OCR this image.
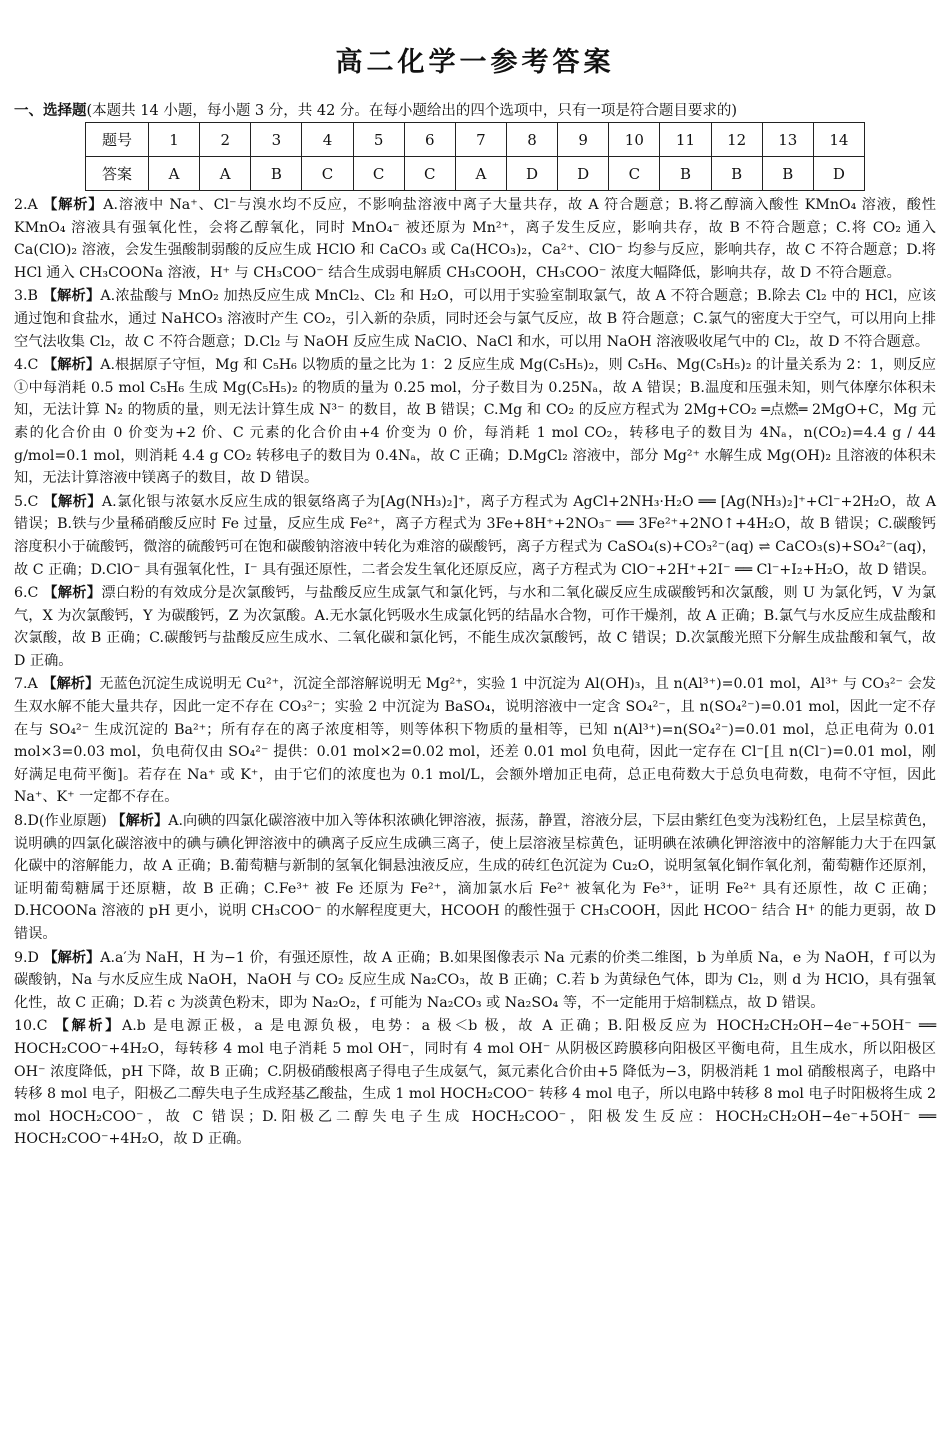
高二化学一参考答案
一、选择题(本题共 14 小题，每小题 3 分，共 42 分。在每小题给出的四个选项中，只有一项是符合题目要求的)
题号	1	2	3	4	5	6	7	8	9	10	11	12	13	14
答案	A	A	B	C	C	C	A	D	D	C	B	B	B	D

2.A 【解析】A.溶液中 Na⁺、Cl⁻与溴水均不反应，不影响盐溶液中离子大量共存，故 A 符合题意；B.将乙醇滴入酸性 KMnO₄ 溶液，酸性 KMnO₄ 溶液具有强氧化性，会将乙醇氧化，同时 MnO₄⁻ 被还原为 Mn²⁺，离子发生反应，影响共存，故 B 不符合题意；C.将 CO₂ 通入 Ca(ClO)₂ 溶液，会发生强酸制弱酸的反应生成 HClO 和 CaCO₃ 或 Ca(HCO₃)₂，Ca²⁺、ClO⁻ 均参与反应，影响共存，故 C 不符合题意；D.将 HCl 通入 CH₃COONa 溶液，H⁺ 与 CH₃COO⁻ 结合生成弱电解质 CH₃COOH，CH₃COO⁻ 浓度大幅降低，影响共存，故 D 不符合题意。

3.B 【解析】A.浓盐酸与 MnO₂ 加热反应生成 MnCl₂、Cl₂ 和 H₂O，可以用于实验室制取氯气，故 A 不符合题意；B.除去 Cl₂ 中的 HCl，应该通过饱和食盐水，通过 NaHCO₃ 溶液时产生 CO₂，引入新的杂质，同时还会与氯气反应，故 B 符合题意；C.氯气的密度大于空气，可以用向上排空气法收集 Cl₂，故 C 不符合题意；D.Cl₂ 与 NaOH 反应生成 NaClO、NaCl 和水，可以用 NaOH 溶液吸收尾气中的 Cl₂，故 D 不符合题意。

4.C 【解析】A.根据原子守恒，Mg 和 C₅H₆ 以物质的量之比为 1：2 反应生成 Mg(C₅H₅)₂，则 C₅H₆、Mg(C₅H₅)₂ 的计量关系为 2：1，则反应①中每消耗 0.5 mol C₅H₆ 生成 Mg(C₅H₅)₂ 的物质的量为 0.25 mol，分子数目为 0.25Nₐ，故 A 错误；B.温度和压强未知，则气体摩尔体积未知，无法计算 N₂ 的物质的量，则无法计算生成 N³⁻ 的数目，故 B 错误；C.Mg 和 CO₂ 的反应方程式为 2Mg+CO₂ ═点燃═ 2MgO+C，Mg 元素的化合价由 0 价变为+2 价、C 元素的化合价由+4 价变为 0 价，每消耗 1 mol CO₂，转移电子的数目为 4Nₐ，n(CO₂)=4.4 g / 44 g/mol=0.1 mol，则消耗 4.4 g CO₂ 转移电子的数目为 0.4Nₐ，故 C 正确；D.MgCl₂ 溶液中，部分 Mg²⁺ 水解生成 Mg(OH)₂ 且溶液的体积未知，无法计算溶液中镁离子的数目，故 D 错误。

5.C 【解析】A.氯化银与浓氨水反应生成的银氨络离子为[Ag(NH₃)₂]⁺，离子方程式为 AgCl+2NH₃·H₂O ══ [Ag(NH₃)₂]⁺+Cl⁻+2H₂O，故 A 错误；B.铁与少量稀硝酸反应时 Fe 过量，反应生成 Fe²⁺，离子方程式为 3Fe+8H⁺+2NO₃⁻ ══ 3Fe²⁺+2NO↑+4H₂O，故 B 错误；C.碳酸钙溶度积小于硫酸钙，微溶的硫酸钙可在饱和碳酸钠溶液中转化为难溶的碳酸钙，离子方程式为 CaSO₄(s)+CO₃²⁻(aq) ⇌ CaCO₃(s)+SO₄²⁻(aq)，故 C 正确；D.ClO⁻ 具有强氧化性，I⁻ 具有强还原性，二者会发生氧化还原反应，离子方程式为 ClO⁻+2H⁺+2I⁻ ══ Cl⁻+I₂+H₂O，故 D 错误。

6.C 【解析】漂白粉的有效成分是次氯酸钙，与盐酸反应生成氯气和氯化钙，与水和二氧化碳反应生成碳酸钙和次氯酸，则 U 为氯化钙，V 为氯气，X 为次氯酸钙，Y 为碳酸钙，Z 为次氯酸。A.无水氯化钙吸水生成氯化钙的结晶水合物，可作干燥剂，故 A 正确；B.氯气与水反应生成盐酸和次氯酸，故 B 正确；C.碳酸钙与盐酸反应生成水、二氧化碳和氯化钙，不能生成次氯酸钙，故 C 错误；D.次氯酸光照下分解生成盐酸和氧气，故 D 正确。

7.A 【解析】无蓝色沉淀生成说明无 Cu²⁺，沉淀全部溶解说明无 Mg²⁺，实验 1 中沉淀为 Al(OH)₃，且 n(Al³⁺)=0.01 mol，Al³⁺ 与 CO₃²⁻ 会发生双水解不能大量共存，因此一定不存在 CO₃²⁻；实验 2 中沉淀为 BaSO₄，说明溶液中一定含 SO₄²⁻，且 n(SO₄²⁻)=0.01 mol，因此一定不存在与 SO₄²⁻ 生成沉淀的 Ba²⁺；所有存在的离子浓度相等，则等体积下物质的量相等，已知 n(Al³⁺)=n(SO₄²⁻)=0.01 mol，总正电荷为 0.01 mol×3=0.03 mol，负电荷仅由 SO₄²⁻ 提供：0.01 mol×2=0.02 mol，还差 0.01 mol 负电荷，因此一定存在 Cl⁻[且 n(Cl⁻)=0.01 mol，刚好满足电荷平衡]。若存在 Na⁺ 或 K⁺，由于它们的浓度也为 0.1 mol/L，会额外增加正电荷，总正电荷数大于总负电荷数，电荷不守恒，因此 Na⁺、K⁺ 一定都不存在。

8.D(作业原题) 【解析】A.向碘的四氯化碳溶液中加入等体积浓碘化钾溶液，振荡，静置，溶液分层，下层由紫红色变为浅粉红色，上层呈棕黄色，说明碘的四氯化碳溶液中的碘与碘化钾溶液中的碘离子反应生成碘三离子，使上层溶液呈棕黄色，证明碘在浓碘化钾溶液中的溶解能力大于在四氯化碳中的溶解能力，故 A 正确；B.葡萄糖与新制的氢氧化铜悬浊液反应，生成的砖红色沉淀为 Cu₂O，说明氢氧化铜作氧化剂，葡萄糖作还原剂，证明葡萄糖属于还原糖，故 B 正确；C.Fe³⁺ 被 Fe 还原为 Fe²⁺，滴加氯水后 Fe²⁺ 被氧化为 Fe³⁺，证明 Fe²⁺ 具有还原性，故 C 正确；D.HCOONa 溶液的 pH 更小，说明 CH₃COO⁻ 的水解程度更大，HCOOH 的酸性强于 CH₃COOH，因此 HCOO⁻ 结合 H⁺ 的能力更弱，故 D 错误。

9.D 【解析】A.a′为 NaH，H 为−1 价，有强还原性，故 A 正确；B.如果图像表示 Na 元素的价类二维图，b 为单质 Na，e 为 NaOH，f 可以为碳酸钠，Na 与水反应生成 NaOH，NaOH 与 CO₂ 反应生成 Na₂CO₃，故 B 正确；C.若 b 为黄绿色气体，即为 Cl₂，则 d 为 HClO，具有强氧化性，故 C 正确；D.若 c 为淡黄色粉末，即为 Na₂O₂，f 可能为 Na₂CO₃ 或 Na₂SO₄ 等，不一定能用于焙制糕点，故 D 错误。

10.C 【解析】A.b 是电源正极，a 是电源负极，电势：a 极＜b 极，故 A 正确；B.阳极反应为 HOCH₂CH₂OH−4e⁻+5OH⁻ ══ HOCH₂COO⁻+4H₂O，每转移 4 mol 电子消耗 5 mol OH⁻，同时有 4 mol OH⁻ 从阴极区跨膜移向阳极区平衡电荷，且生成水，所以阳极区 OH⁻ 浓度降低，pH 下降，故 B 正确；C.阴极硝酸根离子得电子生成氨气，氮元素化合价由+5 降低为−3，阴极消耗 1 mol 硝酸根离子，电路中转移 8 mol 电子，阳极乙二醇失电子生成羟基乙酸盐，生成 1 mol HOCH₂COO⁻ 转移 4 mol 电子，所以电路中转移 8 mol 电子时阳极将生成 2 mol HOCH₂COO⁻，故 C 错误；D.阳极乙二醇失电子生成 HOCH₂COO⁻，阳极发生反应：HOCH₂CH₂OH−4e⁻+5OH⁻ ══ HOCH₂COO⁻+4H₂O，故 D 正确。
